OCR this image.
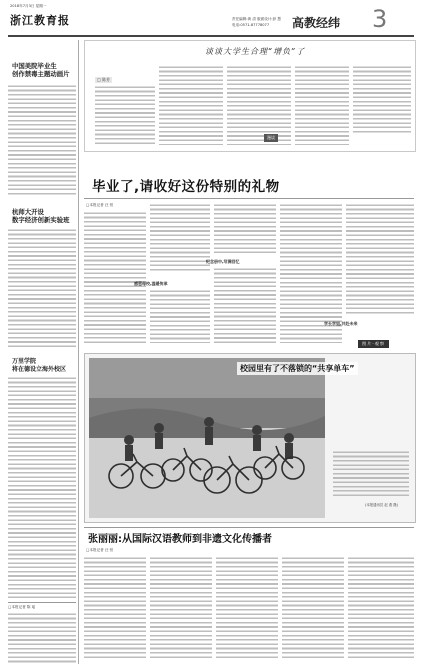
2018年7月3日 星期一
浙江教育报	责任编辑:黄 清 版面设计:彭 慧
电话:0571-87778077	高教经纬 3
中国美院毕业生
创作禁毒主题动画片
杭师大开设
数字经济创新实验班
万里学院
将在德设立海外校区
□本报记者 陈 瑶
谈谈大学生合理“增负”了
□ 陈芳
漫谈
毕业了,请收好这份特别的礼物
□本报记者 汪 恒
感恩母校,温暖传承
纪念册中,写满回忆
学长学姐,共赴未来
图片·观察
校园里有了不落锁的“共享单车”
(本报通讯员 赵 燕 摄)
张丽丽:从国际汉语教师到非遗文化传播者
□本报记者 汪 恒
